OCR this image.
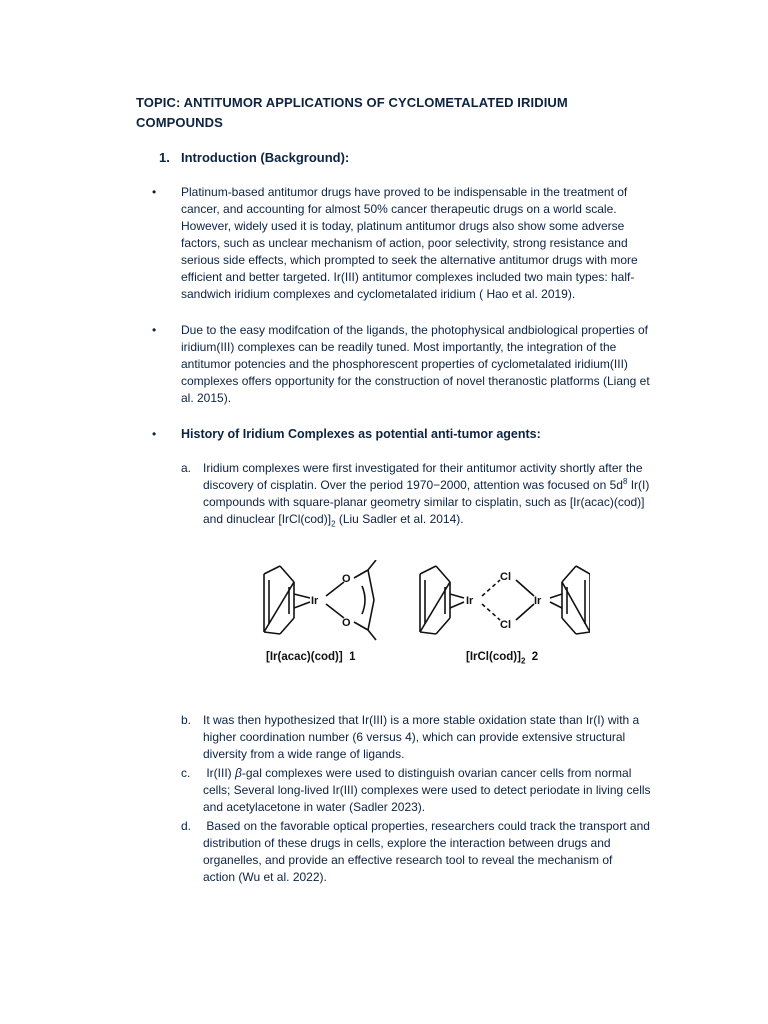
TOPIC: ANTITUMOR APPLICATIONS OF CYCLOMETALATED IRIDIUM
COMPOUNDS
1. Introduction (Background):
•	Platinum-based antitumor drugs have proved to be indispensable in the treatment of
cancer, and accounting for almost 50% cancer therapeutic drugs on a world scale.
However, widely used it is today, platinum antitumor drugs also show some adverse
factors, such as unclear mechanism of action, poor selectivity, strong resistance and
serious side effects, which prompted to seek the alternative antitumor drugs with more
efficient and better targeted. Ir(III) antitumor complexes included two main types: half-
sandwich iridium complexes and cyclometalated iridium ( Hao et al. 2019).
•	Due to the easy modifcation of the ligands, the photophysical andbiological properties of
iridium(III) complexes can be readily tuned. Most importantly, the integration of the
antitumor potencies and the phosphorescent properties of cyclometalated iridium(III)
complexes offers opportunity for the construction of novel theranostic platforms (Liang et
al. 2015).
•	History of Iridium Complexes as potential anti-tumor agents:
a. Iridium complexes were first investigated for their antitumor activity shortly after the
discovery of cisplatin. Over the period 1970−2000, attention was focused on $5d^8$ Ir(I)
compounds with square-planar geometry similar to cisplatin, such as [Ir(acac)(cod)]
and dinuclear $[IrCl(cod)]_2$ (Liu Sadler et al. 2014).
Ir
O
O
Ir
Cl
Cl
Ir
[Ir(acac)(cod)] 1	$[IrCl(cod)]_2$ 2
b. It was then hypothesized that Ir(III) is a more stable oxidation state than Ir(I) with a
higher coordination number (6 versus 4), which can provide extensive structural
diversity from a wide range of ligands.
c.	Ir(III) β-gal complexes were used to distinguish ovarian cancer cells from normal
cells; Several long-lived Ir(III) complexes were used to detect periodate in living cells
and acetylacetone in water (Sadler 2023).
d. Based on the favorable optical properties, researchers could track the transport and
distribution of these drugs in cells, explore the interaction between drugs and
organelles, and provide an effective research tool to reveal the mechanism of
action (Wu et al. 2022).
